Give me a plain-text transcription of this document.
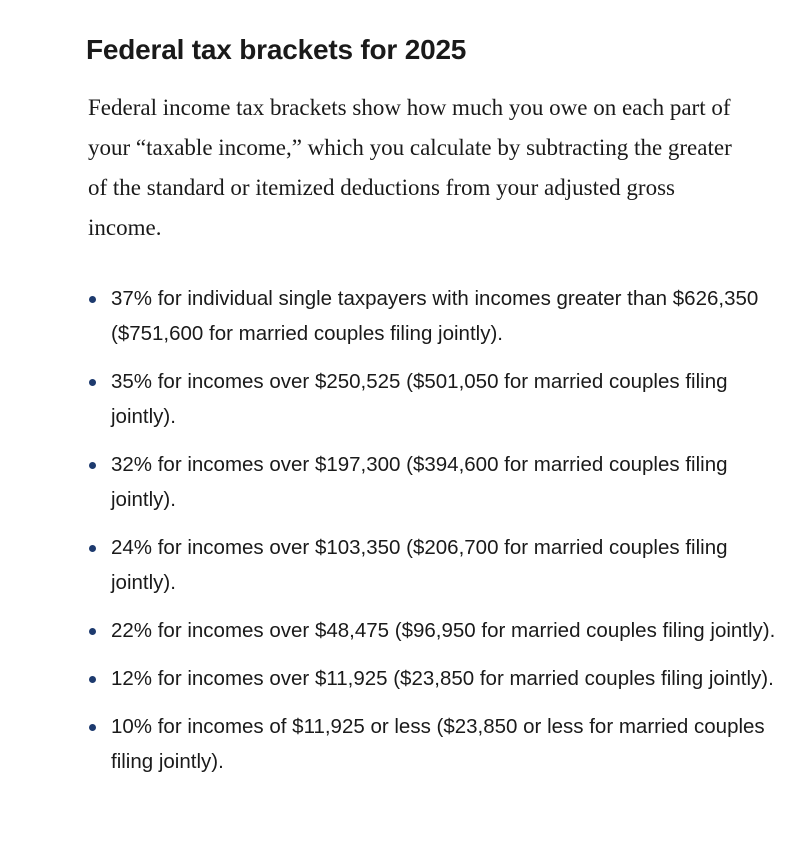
Federal tax brackets for 2025

Federal income tax brackets show how much you owe on each part of your “taxable income,” which you calculate by subtracting the greater of the standard or itemized deductions from your adjusted gross income.

37% for individual single taxpayers with incomes greater than $626,350 ($751,600 for married couples filing jointly).
35% for incomes over $250,525 ($501,050 for married couples filing jointly).
32% for incomes over $197,300 ($394,600 for married couples filing jointly).
24% for incomes over $103,350 ($206,700 for married couples filing jointly).
22% for incomes over $48,475 ($96,950 for married couples filing jointly).
12% for incomes over $11,925 ($23,850 for married couples filing jointly).
10% for incomes of $11,925 or less ($23,850 or less for married couples filing jointly).
